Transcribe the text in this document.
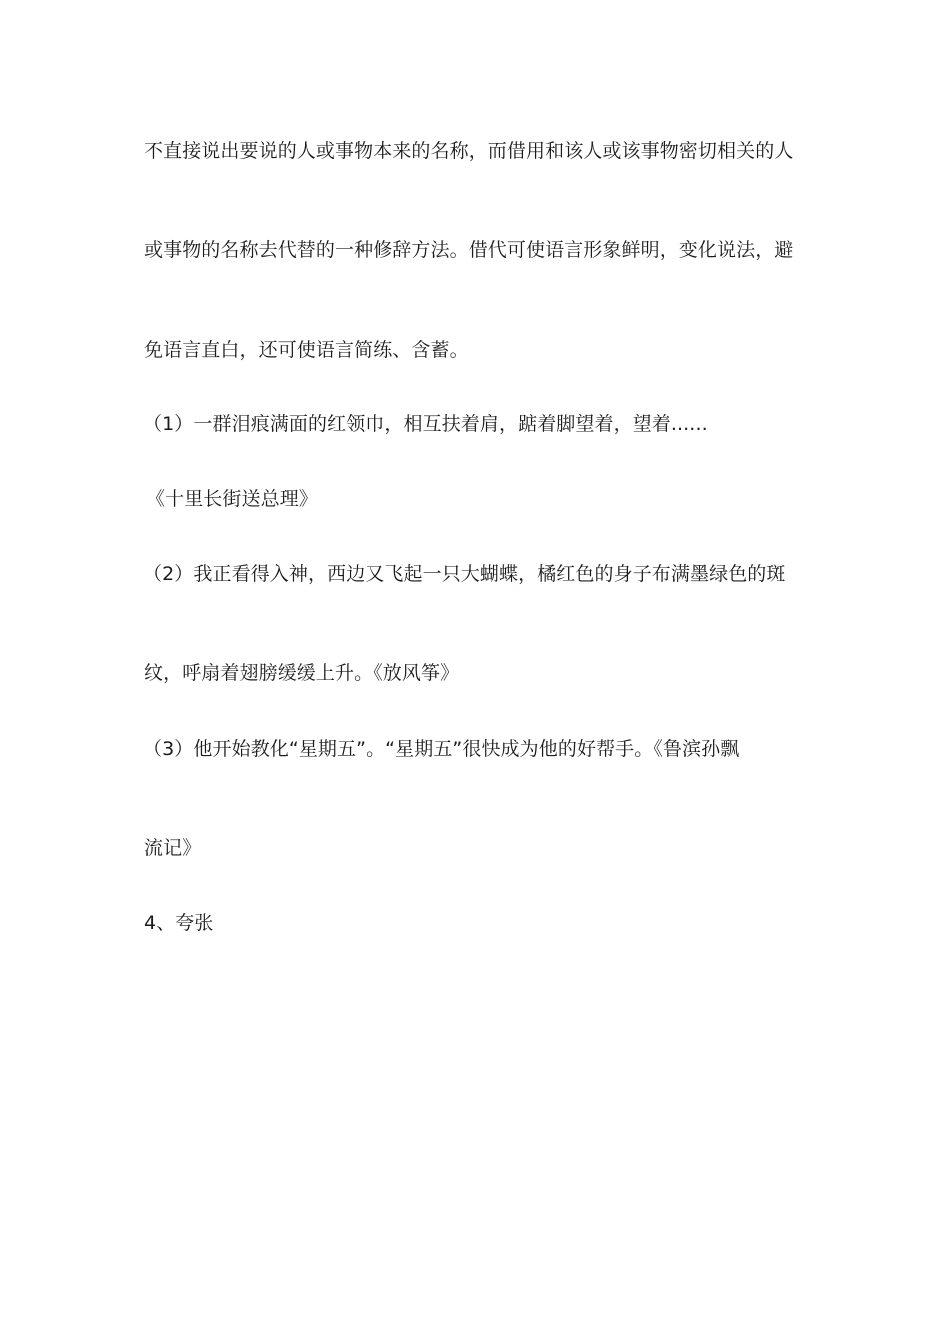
不直接说出要说的人或事物本来的名称，而借用和该人或该事物密切相关的人
或事物的名称去代替的一种修辞方法。借代可使语言形象鲜明，变化说法，避
免语言直白，还可使语言简练、含蓄。
（1）一群泪痕满面的红领巾，相互扶着肩，踮着脚望着，望着......
《十里长街送总理》
（2）我正看得入神，西边又飞起一只大蝴蝶，橘红色的身子布满墨绿色的斑
纹，呼扇着翅膀缓缓上升。《放风筝》
（3）他开始教化“星期五”。“星期五”很快成为他的好帮手。《鲁滨孙飘
流记》
4、夸张
